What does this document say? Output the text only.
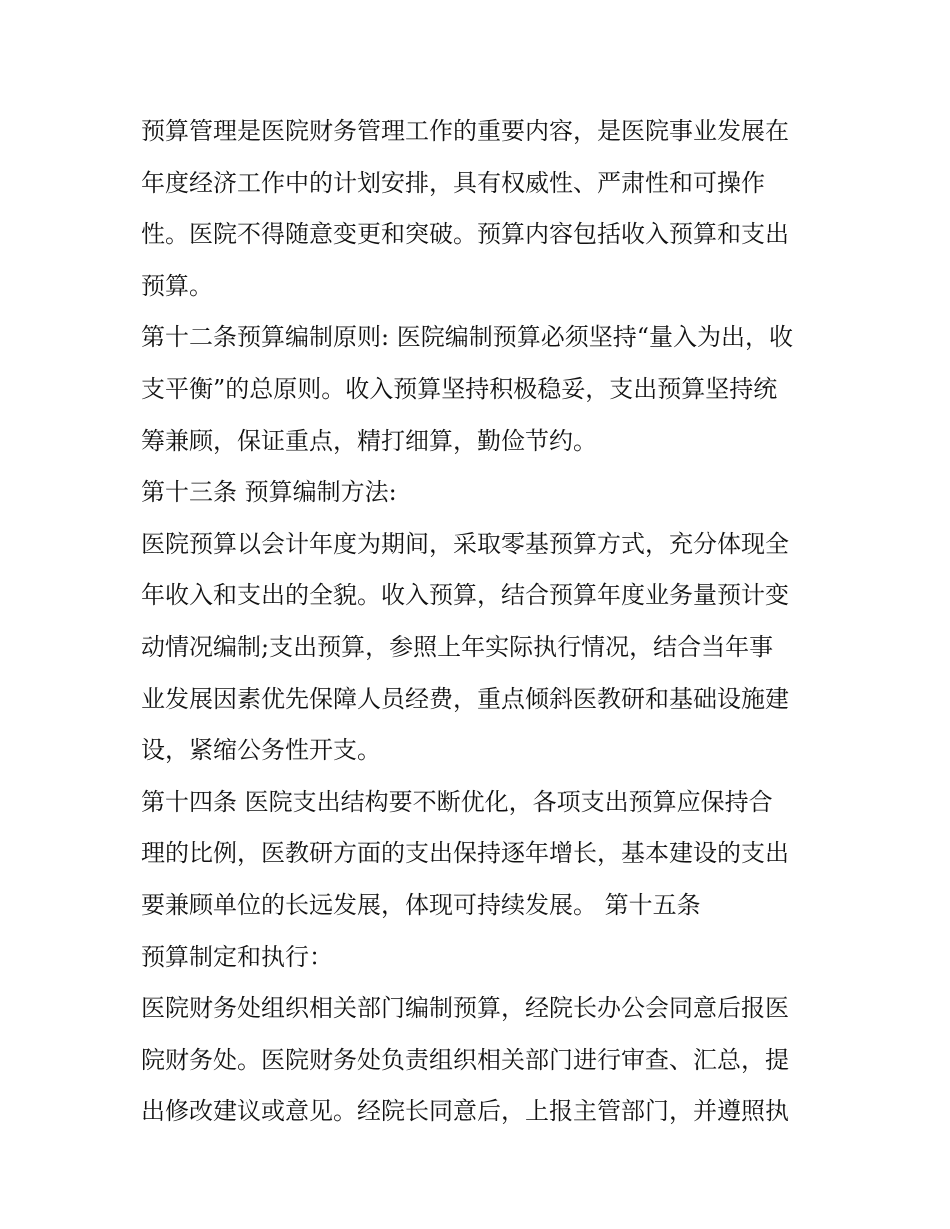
预算管理是医院财务管理工作的重要内容，是医院事业发展在
年度经济工作中的计划安排，具有权威性、严肃性和可操作
性。医院不得随意变更和突破。预算内容包括收入预算和支出
预算。
第十二条预算编制原则: 医院编制预算必须坚持“量入为出，收
支平衡”的总原则。收入预算坚持积极稳妥，支出预算坚持统
筹兼顾，保证重点，精打细算，勤俭节约。
第十三条 预算编制方法:
医院预算以会计年度为期间，采取零基预算方式，充分体现全
年收入和支出的全貌。收入预算，结合预算年度业务量预计变
动情况编制;支出预算，参照上年实际执行情况，结合当年事
业发展因素优先保障人员经费，重点倾斜医教研和基础设施建
设，紧缩公务性开支。
第十四条 医院支出结构要不断优化，各项支出预算应保持合
理的比例，医教研方面的支出保持逐年增长，基本建设的支出
要兼顾单位的长远发展，体现可持续发展。 第十五条
预算制定和执行：
医院财务处组织相关部门编制预算，经院长办公会同意后报医
院财务处。医院财务处负责组织相关部门进行审查、汇总，提
出修改建议或意见。经院长同意后，上报主管部门，并遵照执
